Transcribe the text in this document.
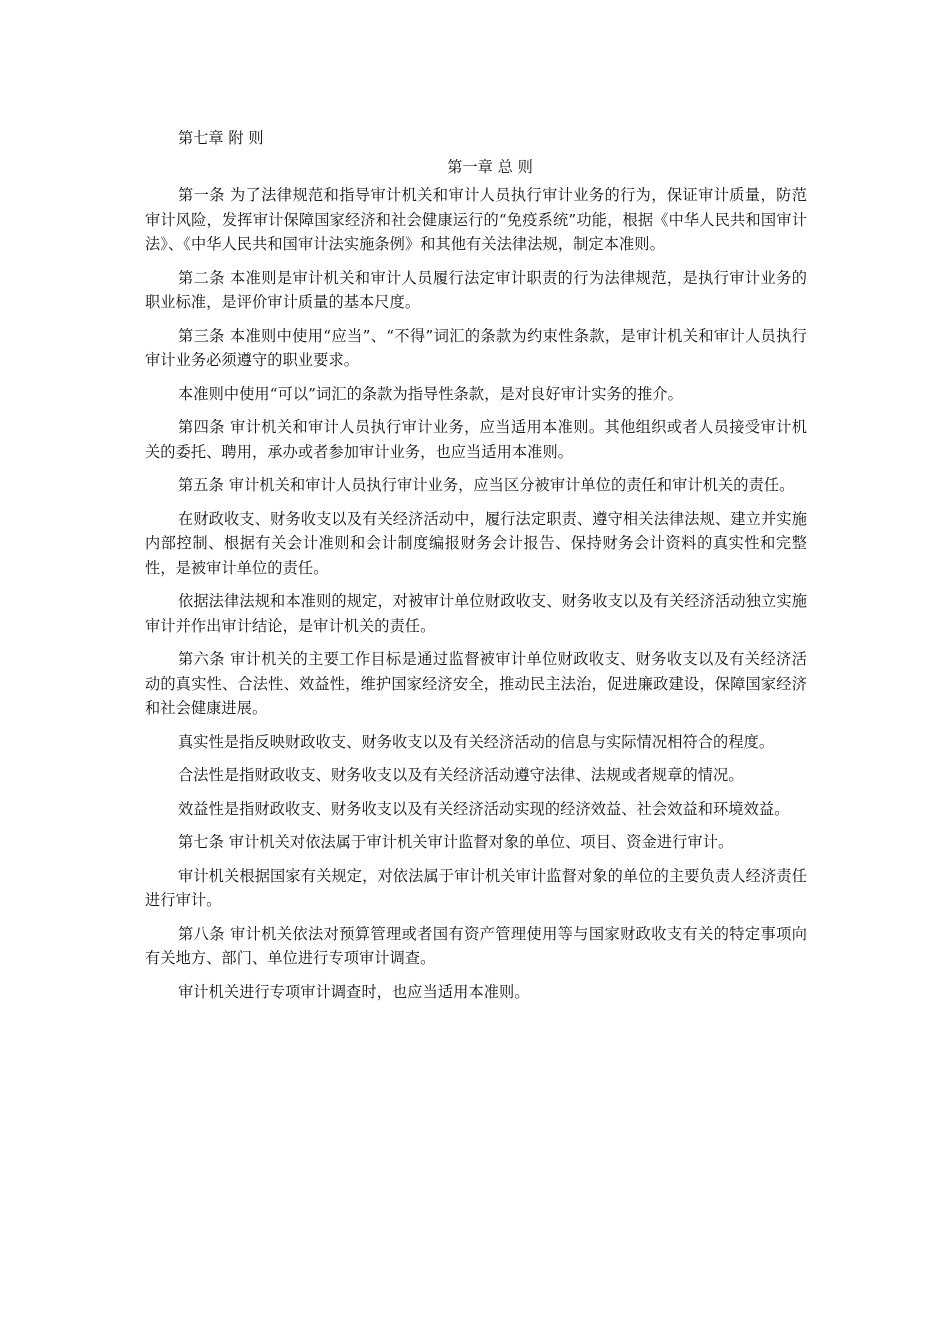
第七章 附 则

第一章 总 则

第一条 为了法律规范和指导审计机关和审计人员执行审计业务的行为，保证审计质量，防范审计风险，发挥审计保障国家经济和社会健康运行的“免疫系统”功能，根据《中华人民共和国审计法》、《中华人民共和国审计法实施条例》和其他有关法律法规，制定本准则。

第二条 本准则是审计机关和审计人员履行法定审计职责的行为法律规范，是执行审计业务的职业标准，是评价审计质量的基本尺度。

第三条 本准则中使用“应当”、“不得”词汇的条款为约束性条款，是审计机关和审计人员执行审计业务必须遵守的职业要求。

本准则中使用“可以”词汇的条款为指导性条款，是对良好审计实务的推介。

第四条 审计机关和审计人员执行审计业务，应当适用本准则。其他组织或者人员接受审计机关的委托、聘用，承办或者参加审计业务，也应当适用本准则。

第五条 审计机关和审计人员执行审计业务，应当区分被审计单位的责任和审计机关的责任。

在财政收支、财务收支以及有关经济活动中，履行法定职责、遵守相关法律法规、建立并实施内部控制、根据有关会计准则和会计制度编报财务会计报告、保持财务会计资料的真实性和完整性，是被审计单位的责任。

依据法律法规和本准则的规定，对被审计单位财政收支、财务收支以及有关经济活动独立实施审计并作出审计结论，是审计机关的责任。

第六条 审计机关的主要工作目标是通过监督被审计单位财政收支、财务收支以及有关经济活动的真实性、合法性、效益性，维护国家经济安全，推动民主法治，促进廉政建设，保障国家经济和社会健康进展。

真实性是指反映财政收支、财务收支以及有关经济活动的信息与实际情况相符合的程度。

合法性是指财政收支、财务收支以及有关经济活动遵守法律、法规或者规章的情况。

效益性是指财政收支、财务收支以及有关经济活动实现的经济效益、社会效益和环境效益。

第七条 审计机关对依法属于审计机关审计监督对象的单位、项目、资金进行审计。

审计机关根据国家有关规定，对依法属于审计机关审计监督对象的单位的主要负责人经济责任进行审计。

第八条 审计机关依法对预算管理或者国有资产管理使用等与国家财政收支有关的特定事项向有关地方、部门、单位进行专项审计调查。

审计机关进行专项审计调查时，也应当适用本准则。
